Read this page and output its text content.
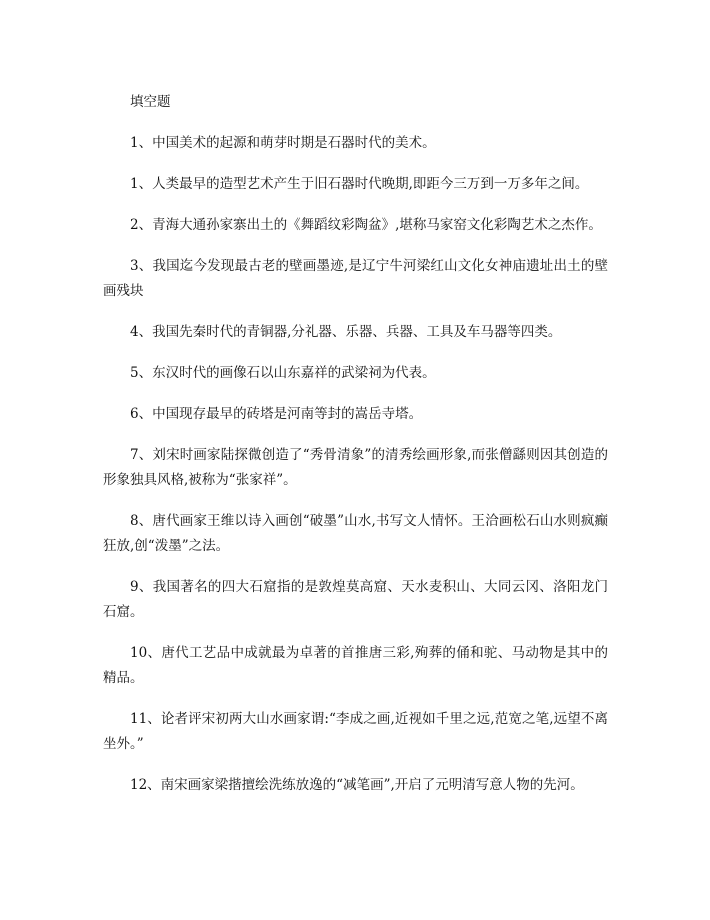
填空题

1、中国美术的起源和萌芽时期是石器时代的美术。

1、人类最早的造型艺术产生于旧石器时代晚期,即距今三万到一万多年之间。

2、青海大通孙家寨出土的《舞蹈纹彩陶盆》,堪称马家窑文化彩陶艺术之杰作。

3、我国迄今发现最古老的壁画墨迹,是辽宁牛河梁红山文化女神庙遗址出土的壁画残块

4、我国先秦时代的青铜器,分礼器、乐器、兵器、工具及车马器等四类。

5、东汉时代的画像石以山东嘉祥的武梁祠为代表。

6、中国现存最早的砖塔是河南等封的嵩岳寺塔。

7、刘宋时画家陆探微创造了“秀骨清象”的清秀绘画形象,而张僧繇则因其创造的形象独具风格,被称为“张家祥”。

8、唐代画家王维以诗入画创“破墨”山水,书写文人情怀。王洽画松石山水则疯癫狂放,创“泼墨”之法。

9、我国著名的四大石窟指的是敦煌莫高窟、天水麦积山、大同云冈、洛阳龙门石窟。

10、唐代工艺品中成就最为卓著的首推唐三彩,殉葬的俑和驼、马动物是其中的精品。

11、论者评宋初两大山水画家谓:“李成之画,近视如千里之远,范宽之笔,远望不离坐外。”

12、南宋画家梁揩擅绘洗练放逸的“减笔画”,开启了元明清写意人物的先河。
